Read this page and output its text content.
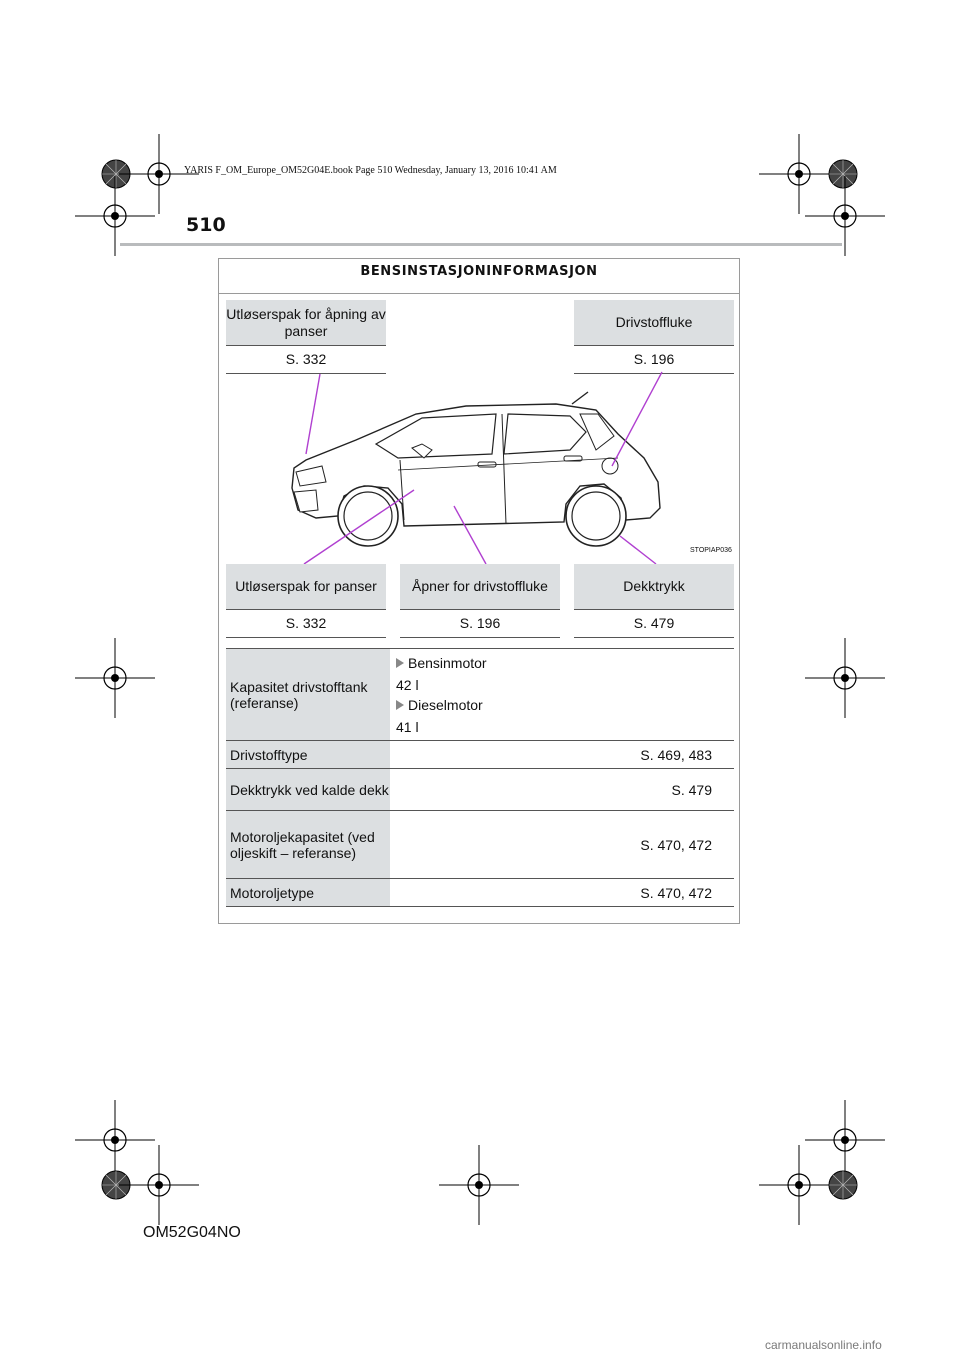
YARIS F_OM_Europe_OM52G04E.book Page 510 Wednesday, January 13, 2016 10:41 AM
510
BENSINSTASJONINFORMASJON
Utløserspak for åpning av panser
S. 332
Drivstoffluke
S. 196
STOPIAP036
Utløserspak for panser
S. 332
Åpner for drivstoffluke
S. 196
Dekktrykk
S. 479
Kapasitet drivstofftank (referanse)	Bensinmotor
42 l
Dieselmotor
41 l

Drivstofftype	S. 469, 483
Dekktrykk ved kalde dekk	S. 479
Motoroljekapasitet (ved oljeskift – referanse)	S. 470, 472
Motoroljetype	S. 470, 472
OM52G04NO
carmanualsonline.info
